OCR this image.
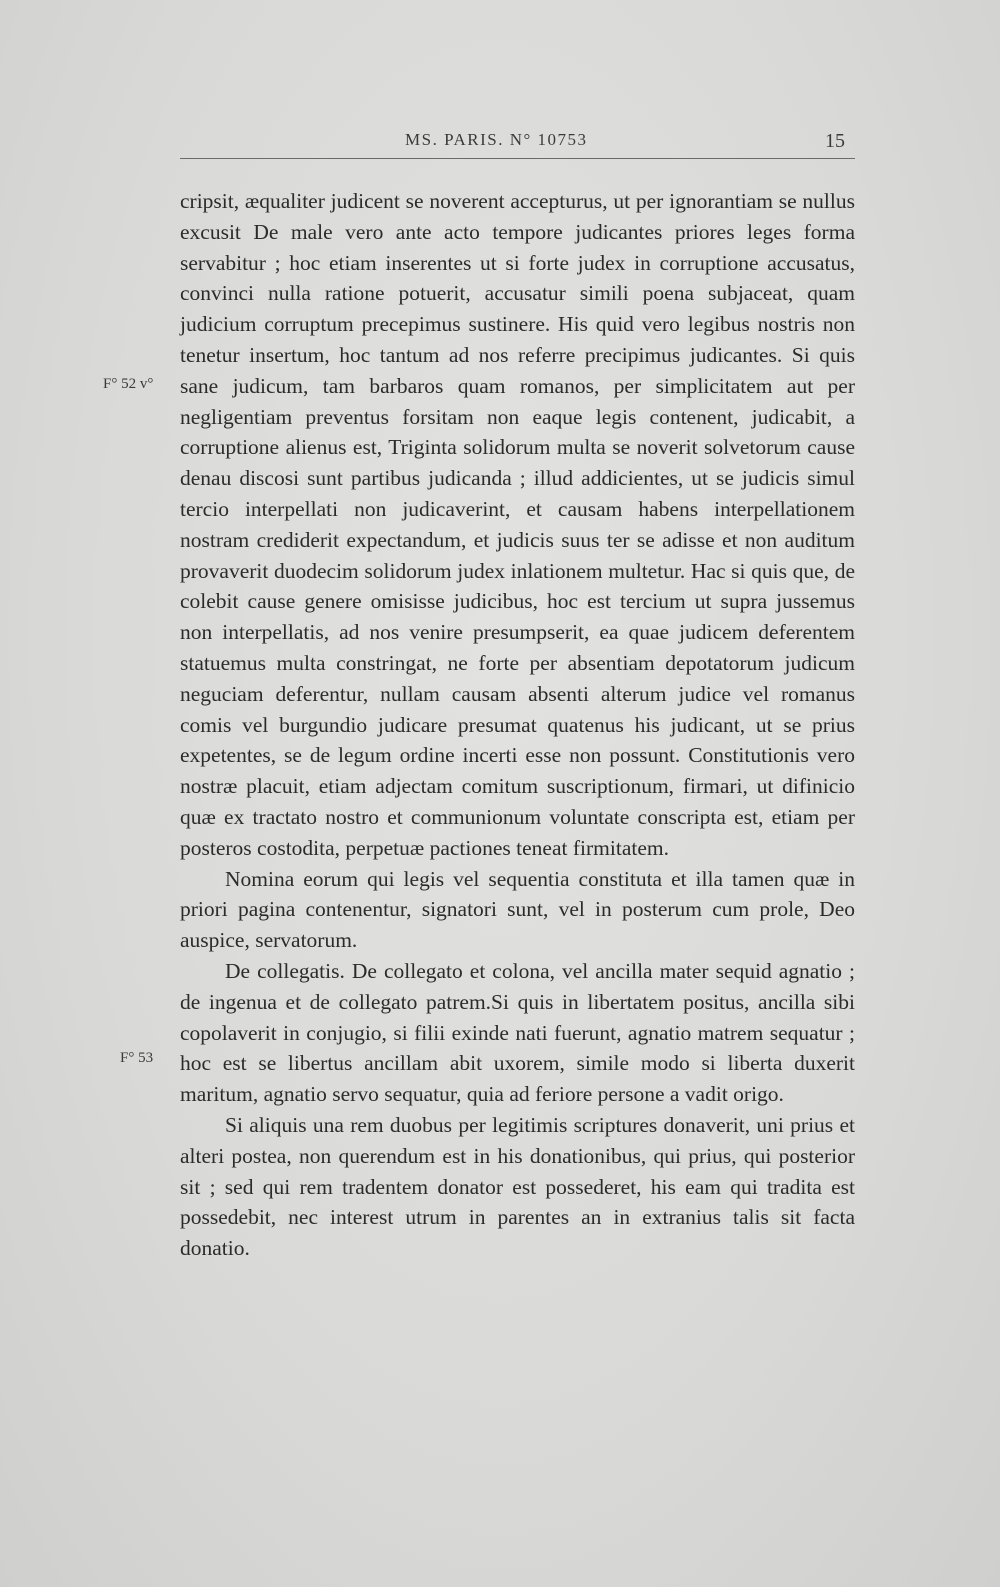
MS. PARIS. N° 10753	15
F° 52 v°
F° 53

cripsit, æqualiter judicent se noverent accepturus, ut per ignorantiam se nullus excusit De male vero ante acto tempore judicantes priores leges forma servabitur ; hoc etiam inserentes ut si forte judex in corruptione accusatus, convinci nulla ratione potuerit, accusatur simili poena subjaceat, quam judicium corruptum precepimus sustinere. His quid vero legibus nostris non tenetur insertum, hoc tantum ad nos referre precipimus judicantes. Si quis sane judicum, tam barbaros quam romanos, per simplicitatem aut per negligentiam preventus forsitam non eaque legis contenent, judicabit, a corruptione alienus est, Triginta solidorum multa se noverit solvetorum cause denau discosi sunt partibus judicanda ; illud addicientes, ut se judicis simul tercio interpellati non judicaverint, et causam habens interpellationem nostram crediderit expectandum, et judicis suus ter se adisse et non auditum provaverit duodecim solidorum judex inlationem multetur. Hac si quis que, de colebit cause genere omisisse judicibus, hoc est tercium ut supra jussemus non interpellatis, ad nos venire presumpserit, ea quae judicem deferentem statuemus multa constringat, ne forte per absentiam depotatorum judicum neguciam deferentur, nullam causam absenti alterum judice vel romanus comis vel burgundio judicare presumat quatenus his judicant, ut se prius expetentes, se de legum ordine incerti esse non possunt. Constitutionis vero nostræ placuit, etiam adjectam comitum suscriptionum, firmari, ut difinicio quæ ex tractato nostro et communionum voluntate conscripta est, etiam per posteros costodita, perpetuæ pactiones teneat firmitatem.

Nomina eorum qui legis vel sequentia constituta et illa tamen quæ in priori pagina contenentur, signatori sunt, vel in posterum cum prole, Deo auspice, servatorum.

De collegatis. De collegato et colona, vel ancilla mater sequid agnatio ; de ingenua et de collegato patrem.Si quis in libertatem positus, ancilla sibi copolaverit in conjugio, si filii exinde nati fuerunt, agnatio matrem sequatur ; hoc est se libertus ancillam abit uxorem, simile modo si liberta duxerit maritum, agnatio servo sequatur, quia ad feriore persone a vadit origo.

Si aliquis una rem duobus per legitimis scriptures donaverit, uni prius et alteri postea, non querendum est in his donationibus, qui prius, qui posterior sit ; sed qui rem tradentem donator est possederet, his eam qui tradita est possedebit, nec interest utrum in parentes an in extranius talis sit facta donatio.
